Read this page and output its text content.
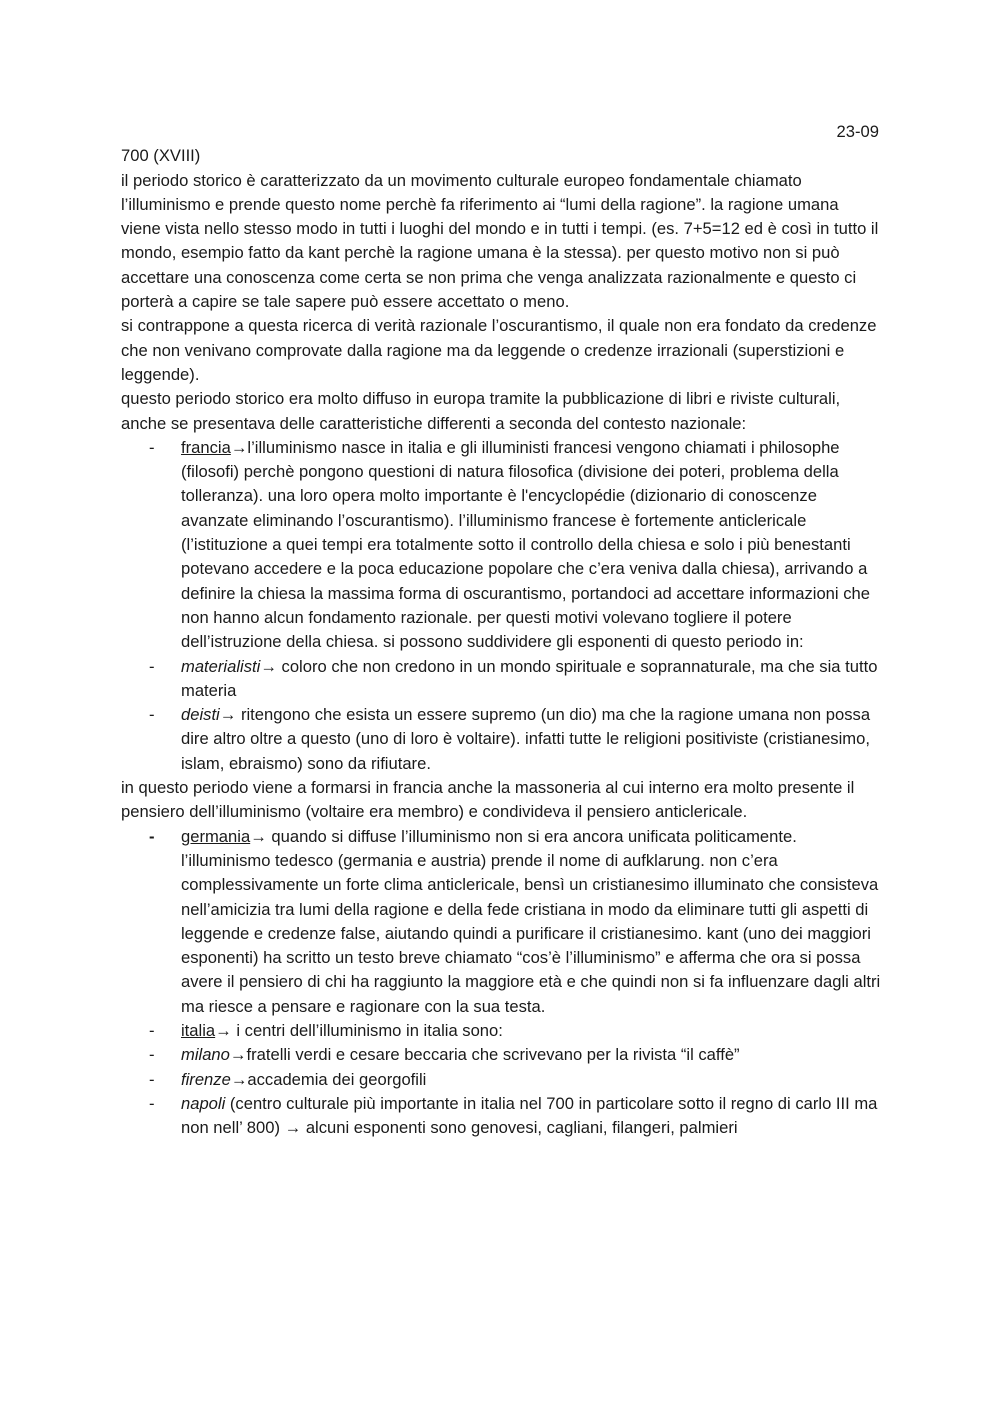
23-09

700 (XVIII)

il periodo storico è caratterizzato da un movimento culturale europeo fondamentale chiamato l’illuminismo e prende questo nome perchè fa riferimento ai “lumi della ragione”. la ragione umana viene vista nello stesso modo in tutti i luoghi del mondo e in tutti i tempi. (es. 7+5=12 ed è così in tutto il mondo, esempio fatto da kant perchè la ragione umana è la stessa). per questo motivo non si può accettare una conoscenza come certa se non prima che venga analizzata razionalmente e questo ci porterà a capire se tale sapere può essere accettato o meno.

si contrappone a questa ricerca di verità razionale l’oscurantismo, il quale non era fondato da credenze che non venivano comprovate dalla ragione ma da leggende o credenze irrazionali (superstizioni e leggende).

questo periodo storico era molto diffuso in europa tramite la pubblicazione di libri e riviste culturali, anche se presentava delle caratteristiche differenti a seconda del contesto nazionale:

- francia→l’illuminismo nasce in italia e gli illuministi francesi vengono chiamati i philosophe (filosofi) perchè pongono questioni di natura filosofica (divisione dei poteri, problema della tolleranza). una loro opera molto importante è l'encyclopédie (dizionario di conoscenze avanzate eliminando l’oscurantismo). l’illuminismo francese è fortemente anticlericale (l’istituzione a quei tempi era totalmente sotto il controllo della chiesa e solo i più benestanti potevano accedere e la poca educazione popolare che c’era veniva dalla chiesa), arrivando a definire la chiesa la massima forma di oscurantismo, portandoci ad accettare informazioni che non hanno alcun fondamento razionale. per questi motivi volevano togliere il potere dell’istruzione della chiesa. si possono suddividere gli esponenti di questo periodo in:
- materialisti→ coloro che non credono in un mondo spirituale e soprannaturale, ma che sia tutto materia
- deisti→ ritengono che esista un essere supremo (un dio) ma che la ragione umana non possa dire altro oltre a questo (uno di loro è voltaire). infatti tutte le religioni positiviste (cristianesimo, islam, ebraismo) sono da rifiutare.

in questo periodo viene a formarsi in francia anche la massoneria al cui interno era molto presente il pensiero dell’illuminismo (voltaire era membro) e condivideva il pensiero anticlericale.

- germania→ quando si diffuse l’illuminismo non si era ancora unificata politicamente. l’illuminismo tedesco (germania e austria) prende il nome di aufklarung. non c’era complessivamente un forte clima anticlericale, bensì un cristianesimo illuminato che consisteva nell’amicizia tra lumi della ragione e della fede cristiana in modo da eliminare tutti gli aspetti di leggende e credenze false, aiutando quindi a purificare il cristianesimo. kant (uno dei maggiori esponenti) ha scritto un testo breve chiamato “cos’è l’illuminismo” e afferma che ora si possa avere il pensiero di chi ha raggiunto la maggiore età e che quindi non si fa influenzare dagli altri ma riesce a pensare e ragionare con la sua testa.
- italia→ i centri dell’illuminismo in italia sono:
- milano→fratelli verdi e cesare beccaria che scrivevano per la rivista “il caffè”
- firenze→accademia dei georgofili
- napoli (centro culturale più importante in italia nel 700 in particolare sotto il regno di carlo III ma non nell’ 800) → alcuni esponenti sono genovesi, cagliani, filangeri, palmieri
